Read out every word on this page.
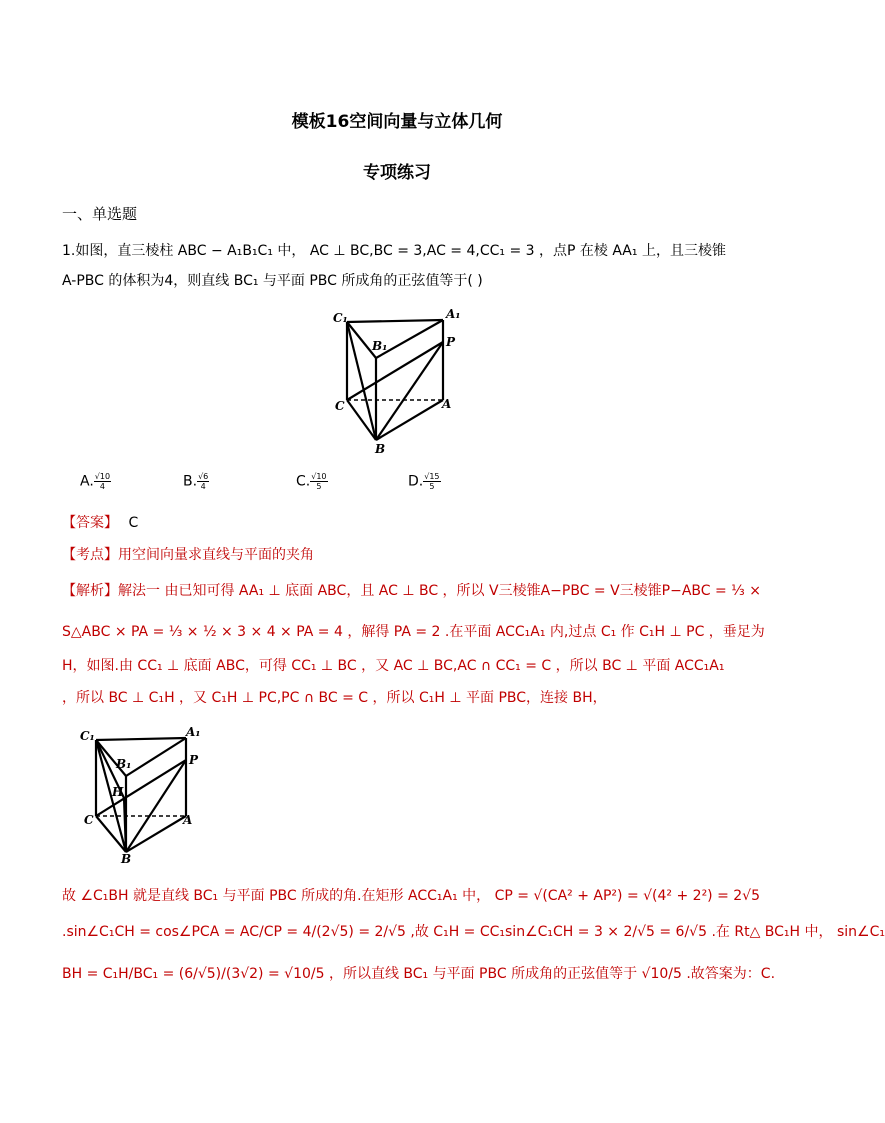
模板16空间向量与立体几何
专项练习
一、单选题
1.如图，直三棱柱 ABC − A₁B₁C₁ 中， AC ⊥ BC,BC = 3,AC = 4,CC₁ = 3 ，点P 在棱 AA₁ 上，且三棱锥
A-PBC 的体积为4，则直线 BC₁ 与平面 PBC 所成角的正弦值等于( )
C₁	A₁
B₁	P
C	A
B
A. $\frac{√10}{4}$	B. $\frac{√6}{4}$	C. $\frac{√10}{5}$	D. $\frac{√15}{5}$
【答案】 C
【考点】用空间向量求直线与平面的夹角
【解析】解法一 由已知可得 AA₁ ⊥ 底面 ABC，且 AC ⊥ BC ，所以 V三棱锥A−PBC = V三棱锥P−ABC = ⅓ ×
S△ABC × PA = ⅓ × ½ × 3 × 4 × PA = 4 ，解得 PA = 2 .在平面 ACC₁A₁ 内,过点 C₁ 作 C₁H ⊥ PC ，垂足为
H，如图.由 CC₁ ⊥ 底面 ABC，可得 CC₁ ⊥ BC ，又 AC ⊥ BC,AC ∩ CC₁ = C ，所以 BC ⊥ 平面 ACC₁A₁
，所以 BC ⊥ C₁H ，又 C₁H ⊥ PC,PC ∩ BC = C ，所以 C₁H ⊥ 平面 PBC，连接 BH，
C₁	A₁
B₁	P
H
C	A
B
故 ∠C₁BH 就是直线 BC₁ 与平面 PBC 所成的角.在矩形 ACC₁A₁ 中， CP = √(CA² + AP²) = √(4² + 2²) = 2√5
.sin∠C₁CH = cos∠PCA = AC/CP = 4/(2√5) = 2/√5 ,故 C₁H = CC₁sin∠C₁CH = 3 × 2/√5 = 6/√5 .在 Rt△ BC₁H 中， sin∠C₁
BH = C₁H/BC₁ = (6/√5)/(3√2) = √10/5 ，所以直线 BC₁ 与平面 PBC 所成角的正弦值等于 √10/5 .故答案为：C.
